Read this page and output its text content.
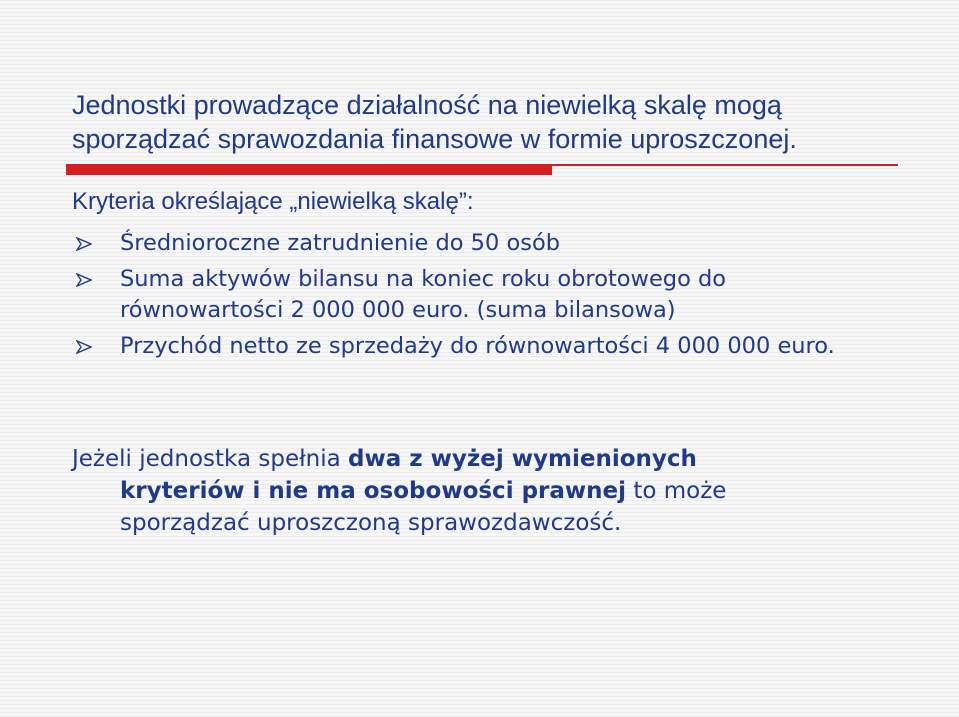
Jednostki prowadzące działalność na niewielką skalę mogą sporządzać sprawozdania finansowe w formie uproszczonej.

Kryteria określające „niewielką skalę”:

Średnioroczne zatrudnienie do 50 osób
Suma aktywów bilansu na koniec roku obrotowego do równowartości 2 000 000 euro. (suma bilansowa)
Przychód netto ze sprzedaży do równowartości 4 000 000 euro.

Jeżeli jednostka spełnia dwa z wyżej wymienionych
kryteriów i nie ma osobowości prawnej to może
sporządzać uproszczoną sprawozdawczość.
